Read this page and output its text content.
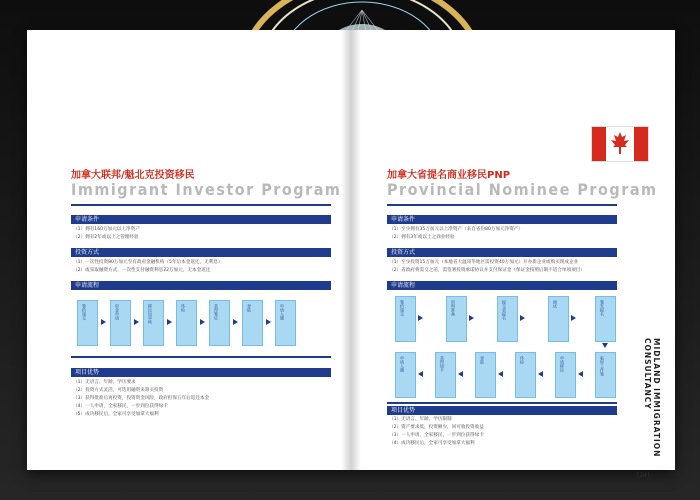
加拿大联邦/魁北克投资移民
Immigrant Investor Program
申请条件
（1）拥有160万加元以上净资产
（2）拥有2年或以上之管理经验
投资方式
（1）一次性投资80万加元至有政府金融机构（5年后本金返还，无利息）
（2）或采取融资方式，一次性支付融资利息22万加元，无本金返还
申请流程
签约递交	资金申请	移民局审核	体检	获得签证	登陆	申请入籍
项目优势
（1）无语言、年龄、学历要求
（2）投资方式灵活，可选用融资来筹买投资
（3）获得批准后再投资，投资资金风险，政府担保五年后返还本金
（4）一人申请，全家移民，一步到位获得绿卡
（5）成功移民后，全家可享受加拿大福利
加拿大省提名商业移民PNP
Provincial Nominee Program
申请条件
（1）至少拥有35万加元以上净资产（来自省份80万加元净资产）
（2）拥有3年或以上之商业经验
投资方式
（1）至少投资15万加元（本地省大温哥华地区需投资40万加元）开办新企业或购买现成企业
（2）省政府将需交之前，需签署投资承诺协议并支付保证金（保证金按照后期不适合单项项目）
申请流程
签约递交	资料准备	提交省提名	面试	签发提名
申请入籍	获得绿卡	登陆	体检	申请移民	临时工作签
项目优势
（1）无语言、年龄、学历限制
（2）资产要求低，投资额少，回可收投资收益
（3）一人申请，全家移民，一步到位获得绿卡
（4）成功移民后，全家可享受加拿大福利	MIDLAND IMMIGRATION CONSULTANCY
[24]
